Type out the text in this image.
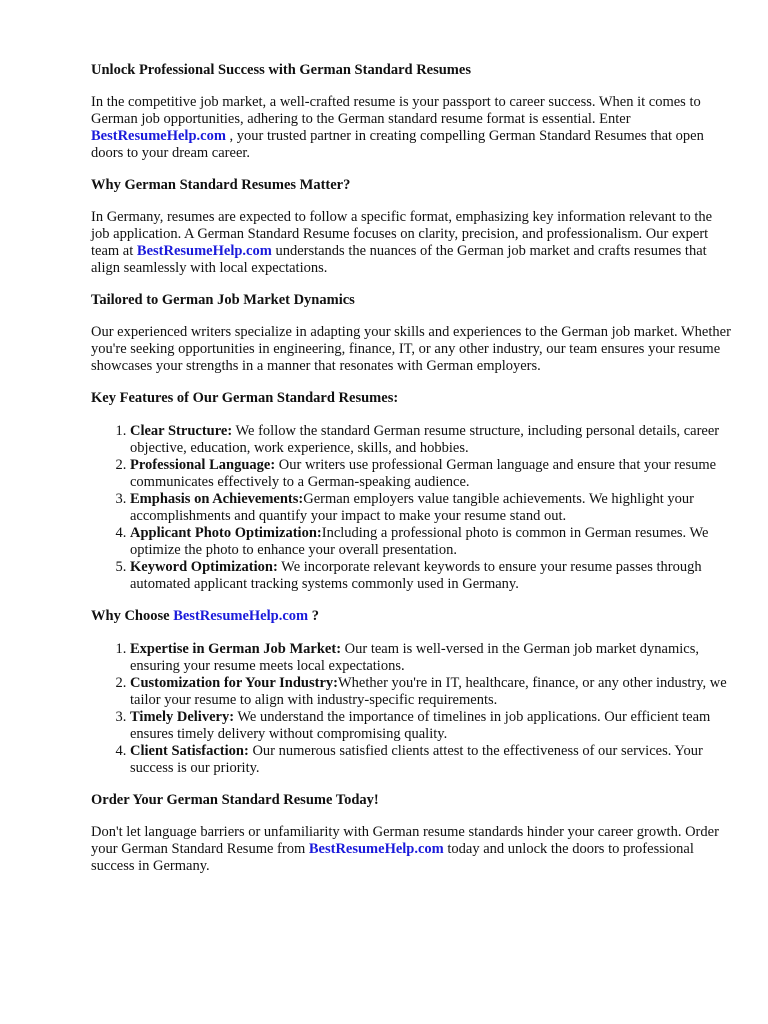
Unlock Professional Success with German Standard Resumes

In the competitive job market, a well-crafted resume is your passport to career success. When it comes to German job opportunities, adhering to the German standard resume format is essential. Enter BestResumeHelp.com , your trusted partner in creating compelling German Standard Resumes that open doors to your dream career.

Why German Standard Resumes Matter?

In Germany, resumes are expected to follow a specific format, emphasizing key information relevant to the job application. A German Standard Resume focuses on clarity, precision, and professionalism. Our expert team at BestResumeHelp.com understands the nuances of the German job market and crafts resumes that align seamlessly with local expectations.

Tailored to German Job Market Dynamics

Our experienced writers specialize in adapting your skills and experiences to the German job market. Whether you're seeking opportunities in engineering, finance, IT, or any other industry, our team ensures your resume showcases your strengths in a manner that resonates with German employers.

Key Features of Our German Standard Resumes:
1. Clear Structure: We follow the standard German resume structure, including personal details, career objective, education, work experience, skills, and hobbies.
2. Professional Language: Our writers use professional German language and ensure that your resume communicates effectively to a German-speaking audience.
3. Emphasis on Achievements:German employers value tangible achievements. We highlight your accomplishments and quantify your impact to make your resume stand out.
4. Applicant Photo Optimization:Including a professional photo is common in German resumes. We optimize the photo to enhance your overall presentation.
5. Keyword Optimization: We incorporate relevant keywords to ensure your resume passes through automated applicant tracking systems commonly used in Germany.
Why Choose BestResumeHelp.com ?
1. Expertise in German Job Market: Our team is well-versed in the German job market dynamics, ensuring your resume meets local expectations.
2. Customization for Your Industry:Whether you're in IT, healthcare, finance, or any other industry, we tailor your resume to align with industry-specific requirements.
3. Timely Delivery: We understand the importance of timelines in job applications. Our efficient team ensures timely delivery without compromising quality.
4. Client Satisfaction: Our numerous satisfied clients attest to the effectiveness of our services. Your success is our priority.
Order Your German Standard Resume Today!

Don't let language barriers or unfamiliarity with German resume standards hinder your career growth. Order your German Standard Resume from BestResumeHelp.com today and unlock the doors to professional success in Germany.
